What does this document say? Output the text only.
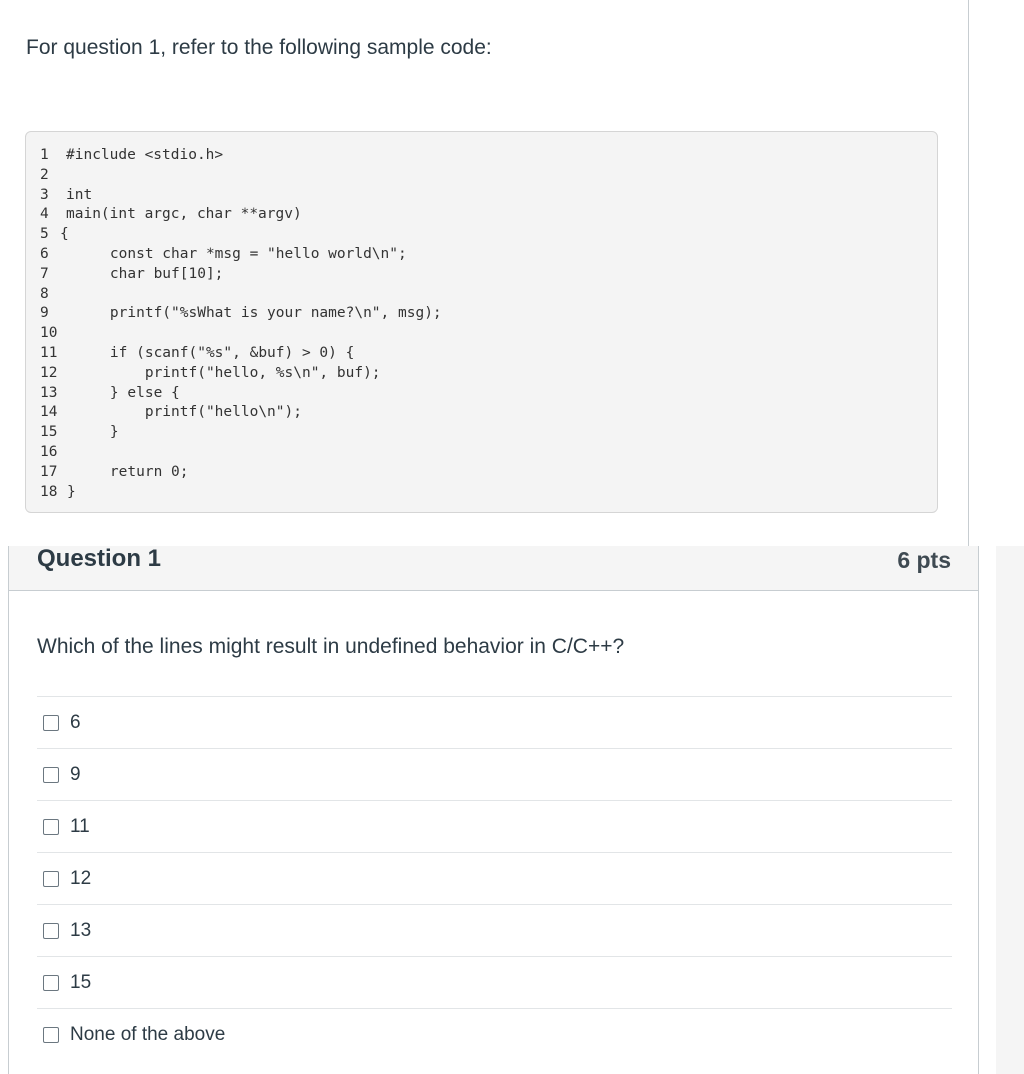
For question 1, refer to the following sample code:
1	#include <stdio.h>
2
3	int
4	main(int argc, char **argv)
5 {
6	const char *msg = "hello world\n";
7	char buf[10];
8
9	printf("%sWhat is your name?\n", msg);
10
11	if (scanf("%s", &buf) > 0) {
12	printf("hello, %s\n", buf);
13	} else {
14	printf("hello\n");
15	}
16
17	return 0;
18 }
Question 1	6 pts

Which of the lines might result in undefined behavior in C/C++?

6
9
11
12
13
15
None of the above
